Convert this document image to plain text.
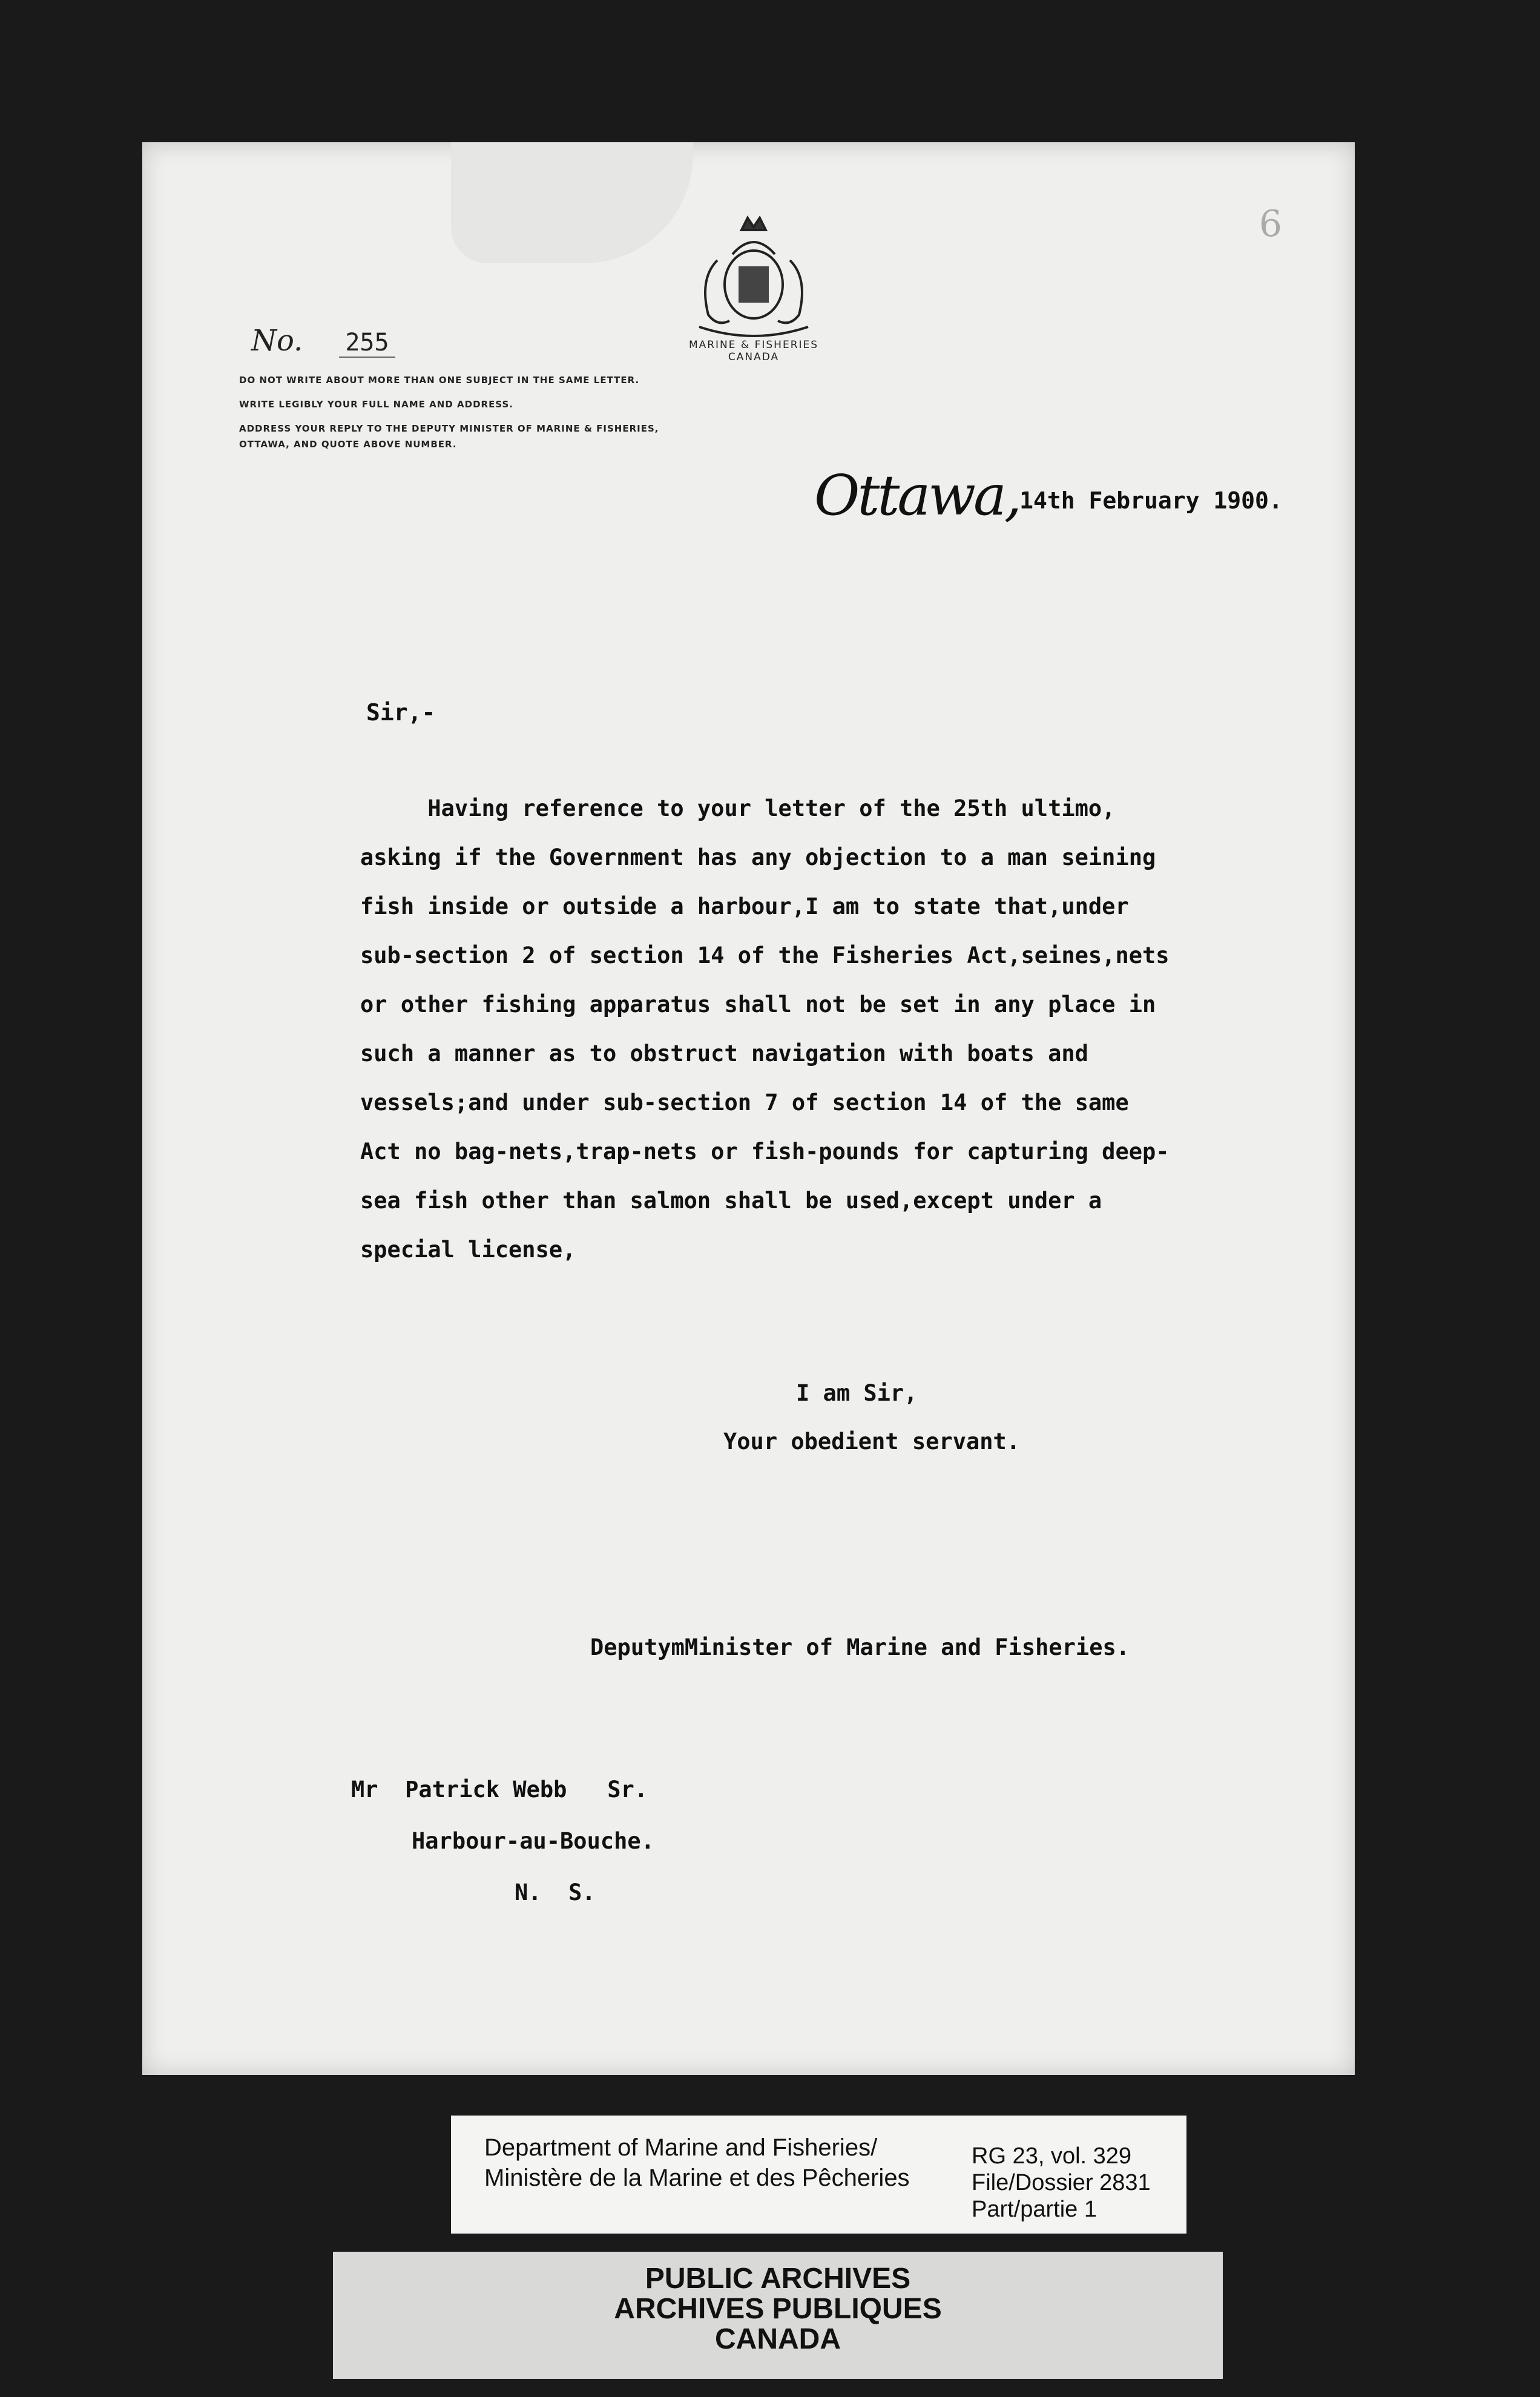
6
MARINE & FISHERIES
CANADA
No. 255

DO NOT WRITE ABOUT MORE THAN ONE SUBJECT IN THE SAME LETTER.

WRITE LEGIBLY YOUR FULL NAME AND ADDRESS.

ADDRESS YOUR REPLY TO THE DEPUTY MINISTER OF MARINE & FISHERIES, OTTAWA, AND QUOTE ABOVE NUMBER.

Ottawa,14th February 1900.
Sir,-
Having reference to your letter of the 25th ultimo,
asking if the Government has any objection to a man seining
fish inside or outside a harbour,I am to state that,under
sub-section 2 of section 14 of the Fisheries Act,seines,nets
or other fishing apparatus shall not be set in any place in
such a manner as to obstruct navigation with boats and
vessels;and under sub-section 7 of section 14 of the same
Act no bag-nets,trap-nets or fish-pounds for capturing deep-
sea fish other than salmon shall be used,except under a
special license,
I am Sir,
Your obedient servant.
DeputymMinister of Marine and Fisheries.
Mr  Patrick Webb   Sr.
Harbour-au-Bouche.
N.  S.
Department of Marine and Fisheries/
Ministère de la Marine et des Pêcheries
RG 23, vol. 329
File/Dossier 2831
Part/partie 1
PUBLIC ARCHIVES
ARCHIVES PUBLIQUES
CANADA
